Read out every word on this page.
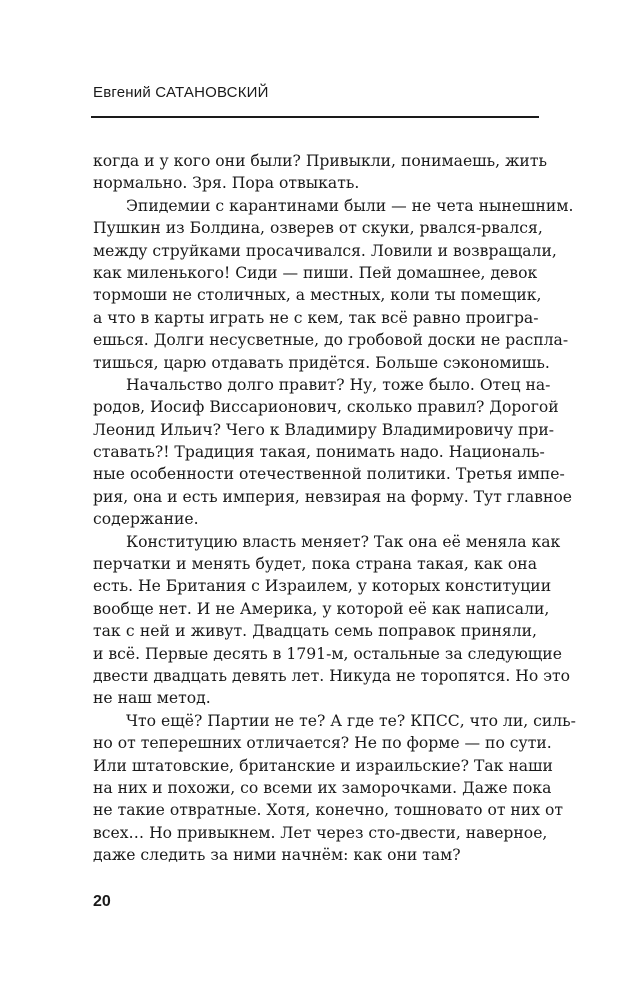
Евгений САТАНОВСКИЙ
когда и у кого они были? Привыкли, понимаешь, жить
нормально. Зря. Пора отвыкать.
Эпидемии с карантинами были — не чета нынешним.
Пушкин из Болдина, озверев от скуки, рвался-рвался,
между струйками просачивался. Ловили и возвращали,
как миленького! Сиди — пиши. Пей домашнее, девок
тормоши не столичных, а местных, коли ты помещик,
а что в карты играть не с кем, так всё равно проигра-
ешься. Долги несусветные, до гробовой доски не распла-
тишься, царю отдавать придётся. Больше сэкономишь.
Начальство долго правит? Ну, тоже было. Отец на-
родов, Иосиф Виссарионович, сколько правил? Дорогой
Леонид Ильич? Чего к Владимиру Владимировичу при-
ставать?! Традиция такая, понимать надо. Националь-
ные особенности отечественной политики. Третья импе-
рия, она и есть империя, невзирая на форму. Тут главное
содержание.
Конституцию власть меняет? Так она её меняла как
перчатки и менять будет, пока страна такая, как она
есть. Не Британия с Израилем, у которых конституции
вообще нет. И не Америка, у которой её как написали,
так с ней и живут. Двадцать семь поправок приняли,
и всё. Первые десять в 1791-м, остальные за следующие
двести двадцать девять лет. Никуда не торопятся. Но это
не наш метод.
Что ещё? Партии не те? А где те? КПСС, что ли, силь-
но от теперешних отличается? Не по форме — по сути.
Или штатовские, британские и израильские? Так наши
на них и похожи, со всеми их заморочками. Даже пока
не такие отвратные. Хотя, конечно, тошновато от них от
всех… Но привыкнем. Лет через сто-двести, наверное,
даже следить за ними начнём: как они там?
20
